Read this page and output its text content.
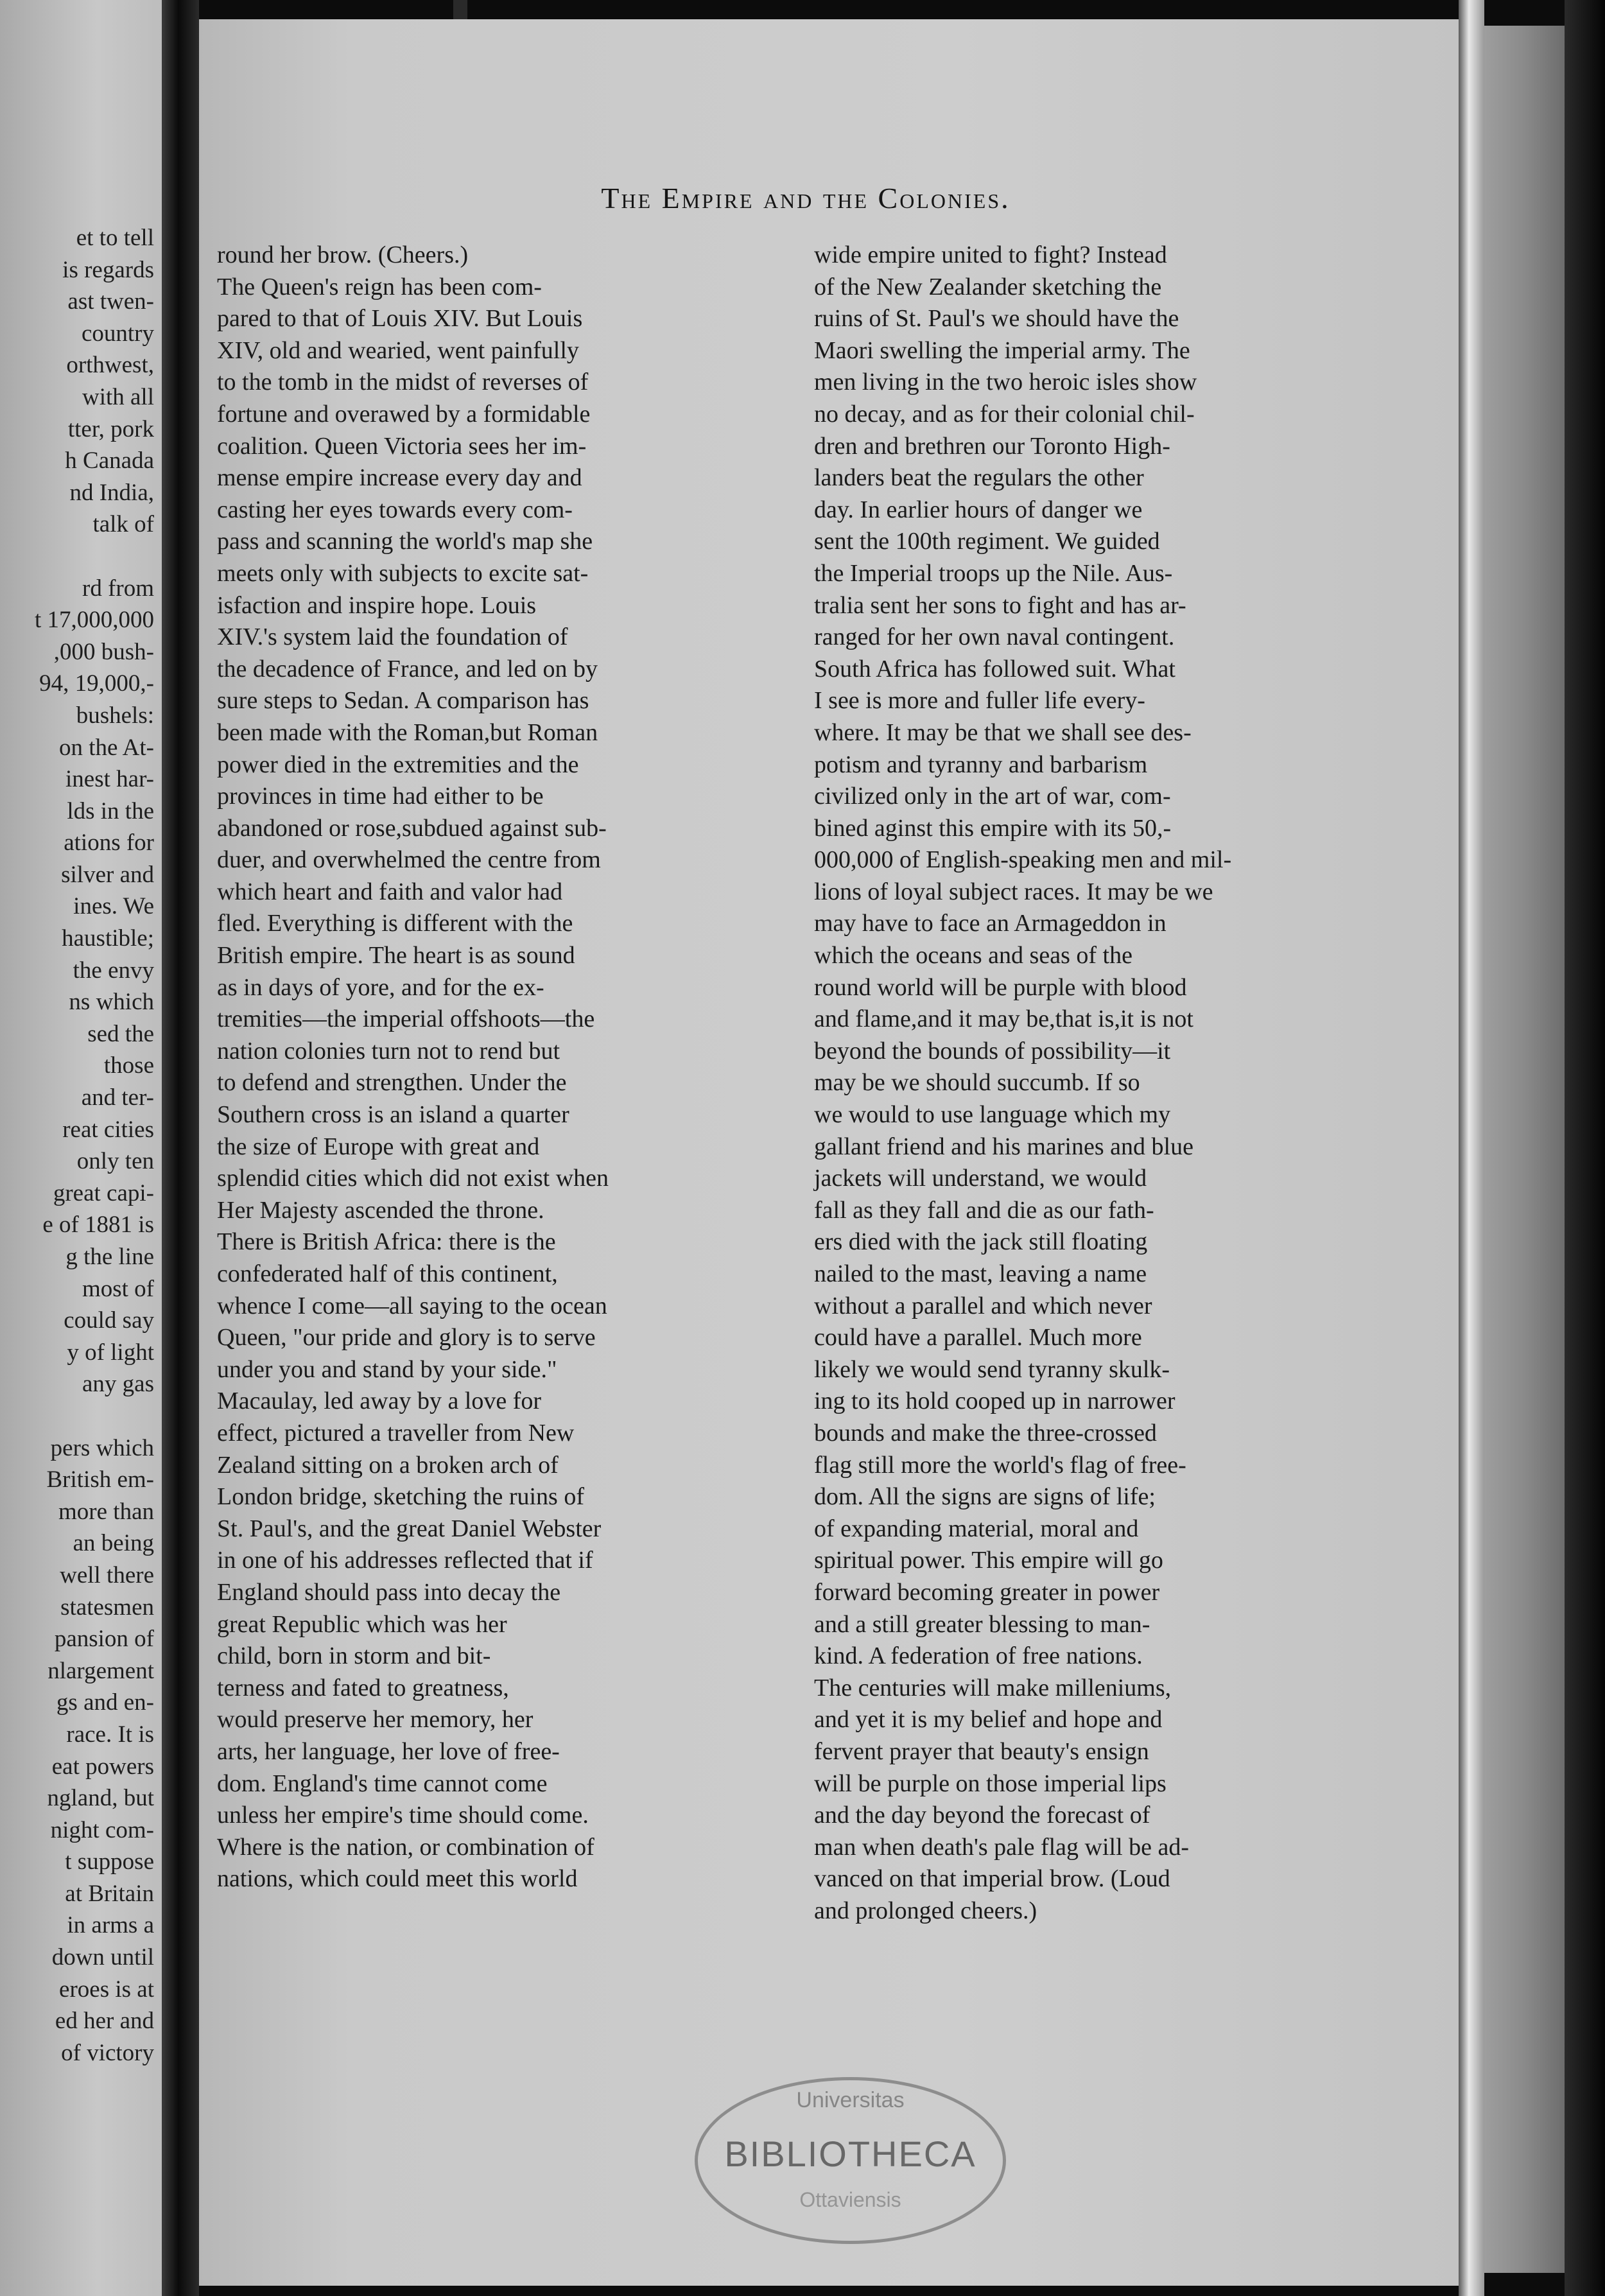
et to tell
is regards
ast twen-
country
orthwest,
with all
tter, pork
h Canada
nd India,
talk of
rd from
t 17,000,000
,000 bush-
94, 19,000,-
bushels:
on the At-
inest har-
lds in the
ations for
silver and
ines. We
haustible;
the envy
ns which
sed the
those
and ter-
reat cities
only ten
great capi-
e of 1881 is
g the line
most of
could say
y of light
any gas
pers which
British em-
more than
an being
well there
statesmen
pansion of
nlargement
gs and en-
race. It is
eat powers
ngland, but
night com-
t suppose
at Britain
in arms a
down until
eroes is at
ed her and
of victory
The Empire and the Colonies.
round her brow. (Cheers.)
The Queen's reign has been com-
pared to that of Louis XIV. But Louis
XIV, old and wearied, went painfully
to the tomb in the midst of reverses of
fortune and overawed by a formidable
coalition. Queen Victoria sees her im-
mense empire increase every day and
casting her eyes towards every com-
pass and scanning the world's map she
meets only with subjects to excite sat-
isfaction and inspire hope. Louis
XIV.'s system laid the foundation of
the decadence of France, and led on by
sure steps to Sedan. A comparison has
been made with the Roman,but Roman
power died in the extremities and the
provinces in time had either to be
abandoned or rose,subdued against sub-
duer, and overwhelmed the centre from
which heart and faith and valor had
fled. Everything is different with the
British empire. The heart is as sound
as in days of yore, and for the ex-
tremities—the imperial offshoots—the
nation colonies turn not to rend but
to defend and strengthen. Under the
Southern cross is an island a quarter
the size of Europe with great and
splendid cities which did not exist when
Her Majesty ascended the throne.
There is British Africa: there is the
confederated half of this continent,
whence I come—all saying to the ocean
Queen, "our pride and glory is to serve
under you and stand by your side."
Macaulay, led away by a love for
effect, pictured a traveller from New
Zealand sitting on a broken arch of
London bridge, sketching the ruins of
St. Paul's, and the great Daniel Webster
in one of his addresses reflected that if
England should pass into decay the
great Republic which was her
child, born in storm and bit-
terness and fated to greatness,
would preserve her memory, her
arts, her language, her love of free-
dom. England's time cannot come
unless her empire's time should come.
Where is the nation, or combination of
nations, which could meet this world
wide empire united to fight? Instead
of the New Zealander sketching the
ruins of St. Paul's we should have the
Maori swelling the imperial army. The
men living in the two heroic isles show
no decay, and as for their colonial chil-
dren and brethren our Toronto High-
landers beat the regulars the other
day. In earlier hours of danger we
sent the 100th regiment. We guided
the Imperial troops up the Nile. Aus-
tralia sent her sons to fight and has ar-
ranged for her own naval contingent.
South Africa has followed suit. What
I see is more and fuller life every-
where. It may be that we shall see des-
potism and tyranny and barbarism
civilized only in the art of war, com-
bined aginst this empire with its 50,-
000,000 of English-speaking men and mil-
lions of loyal subject races. It may be we
may have to face an Armageddon in
which the oceans and seas of the
round world will be purple with blood
and flame,and it may be,that is,it is not
beyond the bounds of possibility—it
may be we should succumb. If so
we would to use language which my
gallant friend and his marines and blue
jackets will understand, we would
fall as they fall and die as our fath-
ers died with the jack still floating
nailed to the mast, leaving a name
without a parallel and which never
could have a parallel. Much more
likely we would send tyranny skulk-
ing to its hold cooped up in narrower
bounds and make the three-crossed
flag still more the world's flag of free-
dom. All the signs are signs of life;
of expanding material, moral and
spiritual power. This empire will go
forward becoming greater in power
and a still greater blessing to man-
kind. A federation of free nations.
The centuries will make milleniums,
and yet it is my belief and hope and
fervent prayer that beauty's ensign
will be purple on those imperial lips
and the day beyond the forecast of
man when death's pale flag will be ad-
vanced on that imperial brow. (Loud
and prolonged cheers.)
Universitas
BIBLIOTHECA
Ottaviensis
